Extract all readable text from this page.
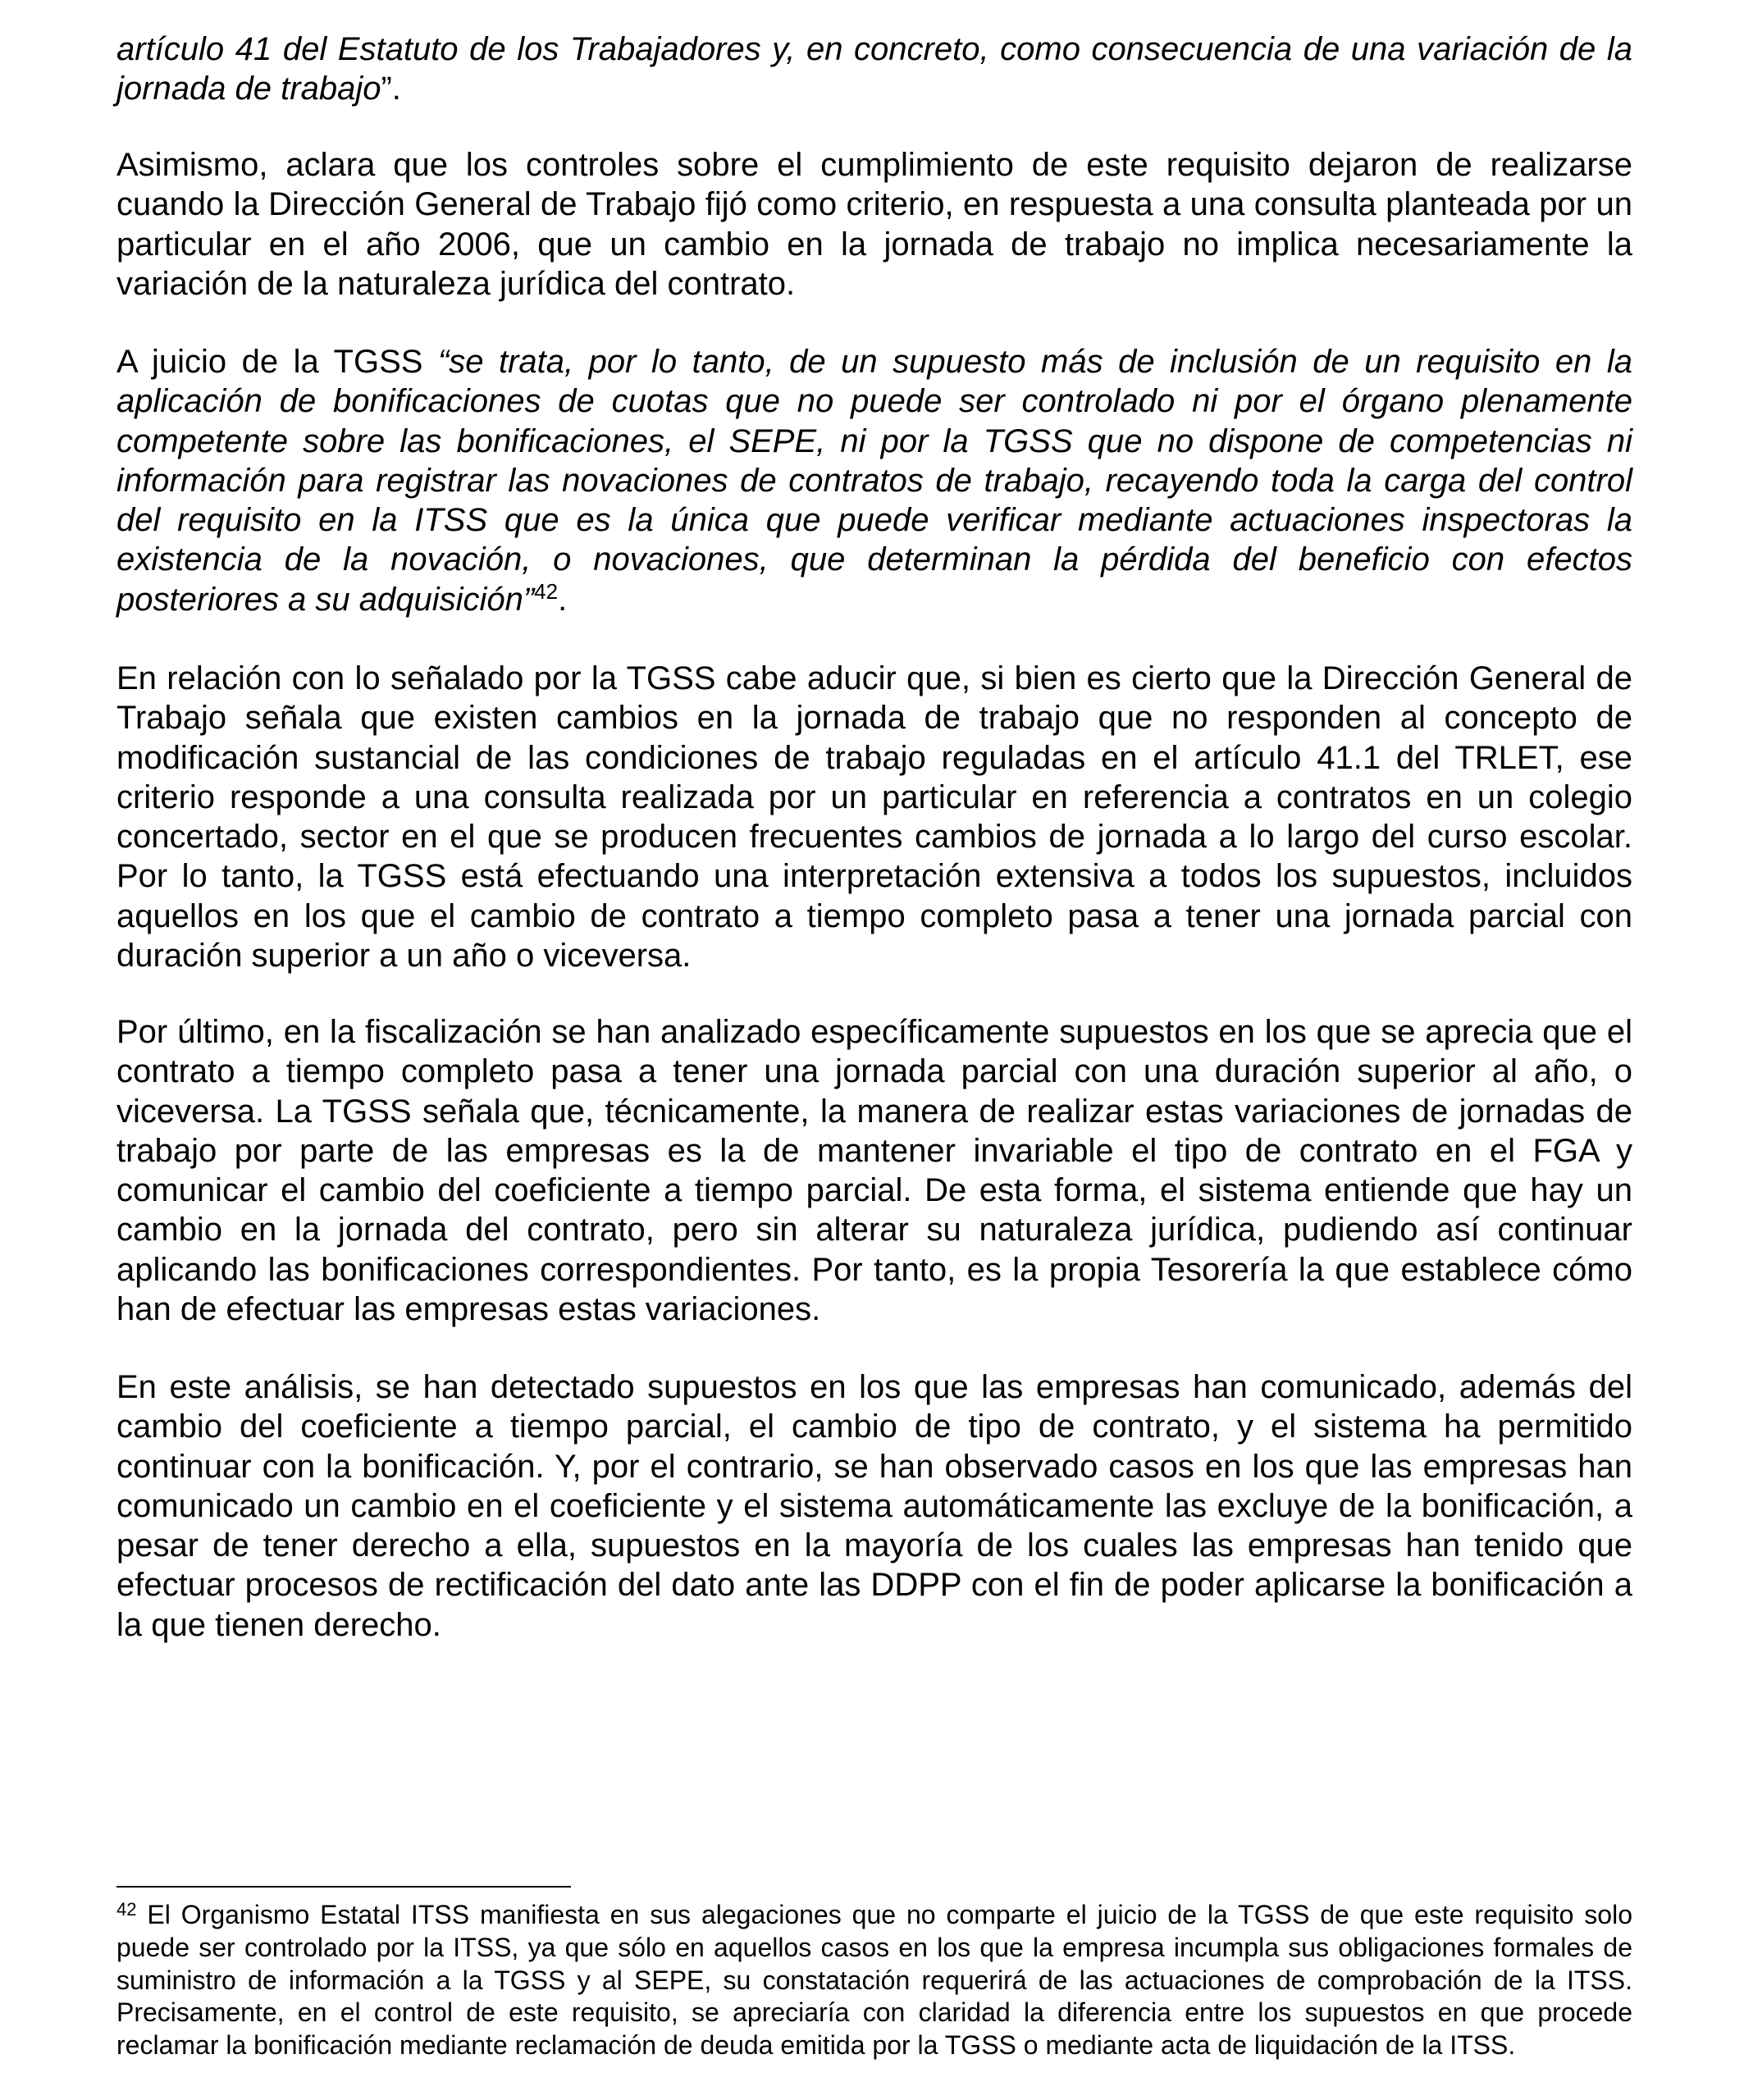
artículo 41 del Estatuto de los Trabajadores y, en concreto, como consecuencia de una variación de la jornada de trabajo”.

Asimismo, aclara que los controles sobre el cumplimiento de este requisito dejaron de realizarse cuando la Dirección General de Trabajo fijó como criterio, en respuesta a una consulta planteada por un particular en el año 2006, que un cambio en la jornada de trabajo no implica necesariamente la variación de la naturaleza jurídica del contrato.

A juicio de la TGSS “se trata, por lo tanto, de un supuesto más de inclusión de un requisito en la aplicación de bonificaciones de cuotas que no puede ser controlado ni por el órgano plenamente competente sobre las bonificaciones, el SEPE, ni por la TGSS que no dispone de competencias ni información para registrar las novaciones de contratos de trabajo, recayendo toda la carga del control del requisito en la ITSS que es la única que puede verificar mediante actuaciones inspectoras la existencia de la novación, o novaciones, que determinan la pérdida del beneficio con efectos posteriores a su adquisición”$^{42}$.

En relación con lo señalado por la TGSS cabe aducir que, si bien es cierto que la Dirección General de Trabajo señala que existen cambios en la jornada de trabajo que no responden al concepto de modificación sustancial de las condiciones de trabajo reguladas en el artículo 41.1 del TRLET, ese criterio responde a una consulta realizada por un particular en referencia a contratos en un colegio concertado, sector en el que se producen frecuentes cambios de jornada a lo largo del curso escolar. Por lo tanto, la TGSS está efectuando una interpretación extensiva a todos los supuestos, incluidos aquellos en los que el cambio de contrato a tiempo completo pasa a tener una jornada parcial con duración superior a un año o viceversa.

Por último, en la fiscalización se han analizado específicamente supuestos en los que se aprecia que el contrato a tiempo completo pasa a tener una jornada parcial con una duración superior al año, o viceversa. La TGSS señala que, técnicamente, la manera de realizar estas variaciones de jornadas de trabajo por parte de las empresas es la de mantener invariable el tipo de contrato en el FGA y comunicar el cambio del coeficiente a tiempo parcial. De esta forma, el sistema entiende que hay un cambio en la jornada del contrato, pero sin alterar su naturaleza jurídica, pudiendo así continuar aplicando las bonificaciones correspondientes. Por tanto, es la propia Tesorería la que establece cómo han de efectuar las empresas estas variaciones.

En este análisis, se han detectado supuestos en los que las empresas han comunicado, además del cambio del coeficiente a tiempo parcial, el cambio de tipo de contrato, y el sistema ha permitido continuar con la bonificación. Y, por el contrario, se han observado casos en los que las empresas han comunicado un cambio en el coeficiente y el sistema automáticamente las excluye de la bonificación, a pesar de tener derecho a ella, supuestos en la mayoría de los cuales las empresas han tenido que efectuar procesos de rectificación del dato ante las DDPP con el fin de poder aplicarse la bonificación a la que tienen derecho.

$^{42}$ El Organismo Estatal ITSS manifiesta en sus alegaciones que no comparte el juicio de la TGSS de que este requisito solo puede ser controlado por la ITSS, ya que sólo en aquellos casos en los que la empresa incumpla sus obligaciones formales de suministro de información a la TGSS y al SEPE, su constatación requerirá de las actuaciones de comprobación de la ITSS. Precisamente, en el control de este requisito, se apreciaría con claridad la diferencia entre los supuestos en que procede reclamar la bonificación mediante reclamación de deuda emitida por la TGSS o mediante acta de liquidación de la ITSS.
